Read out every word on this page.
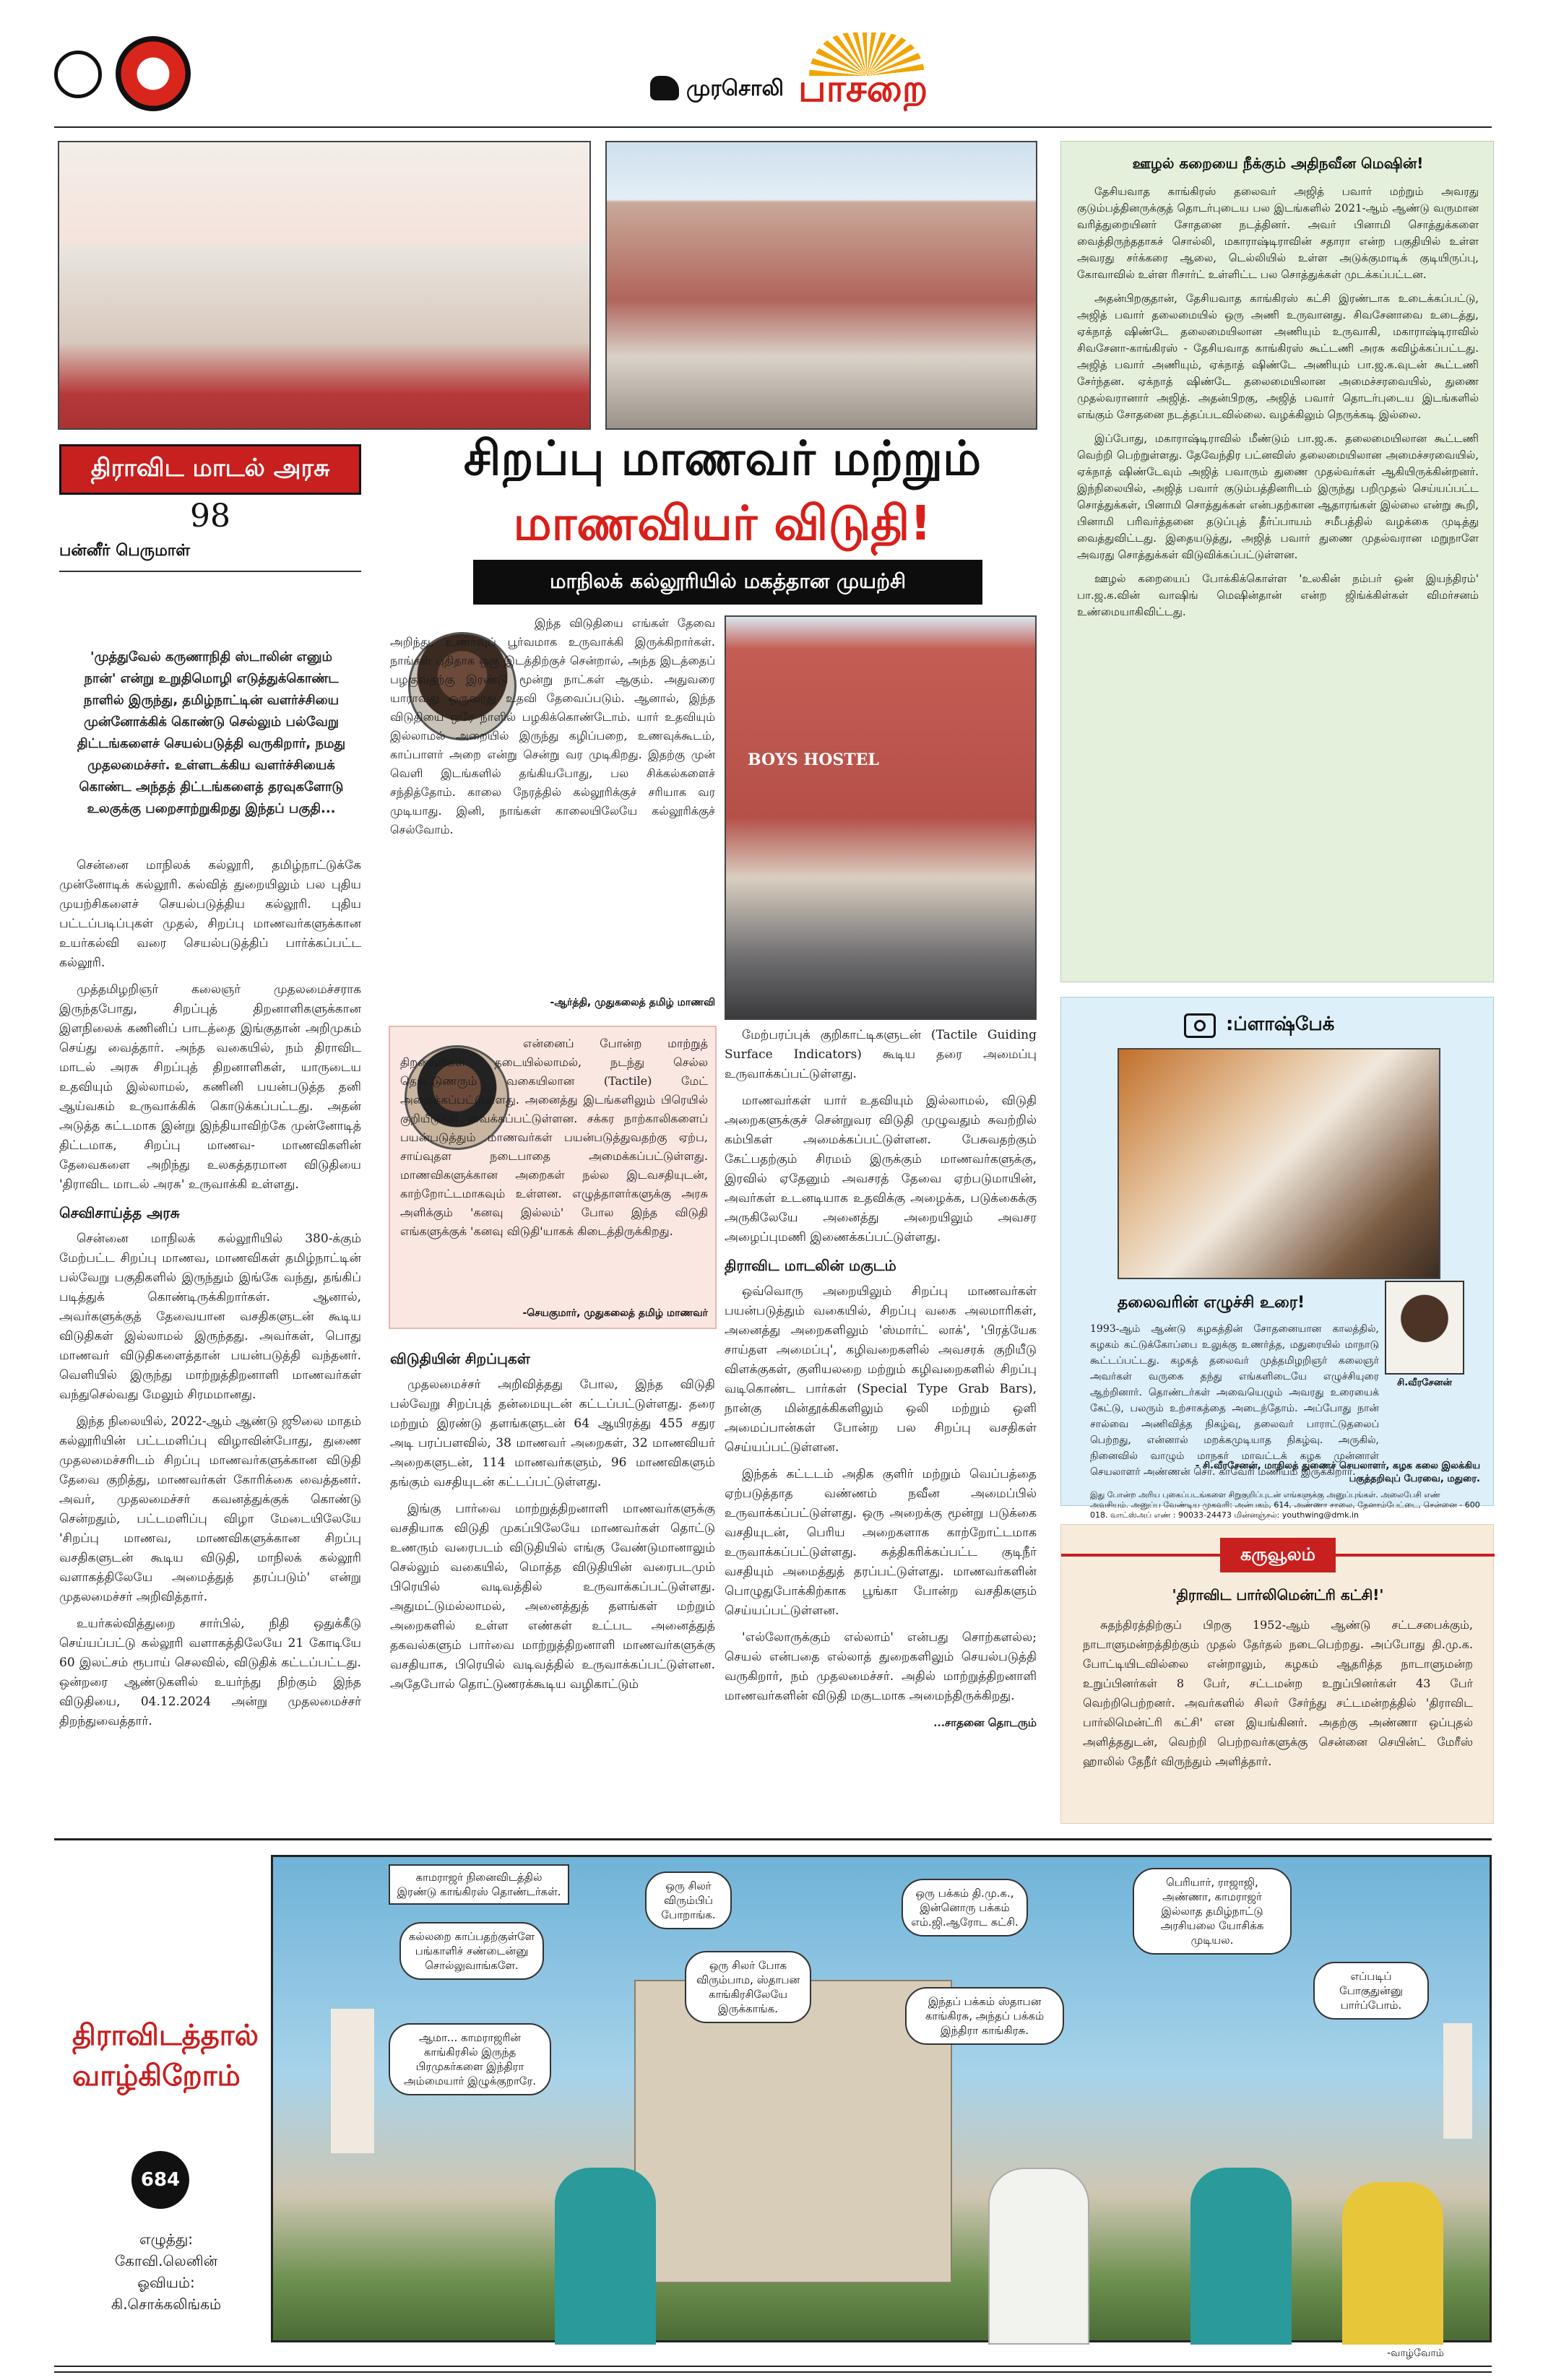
முரசொலி பாசறை
திராவிட மாடல் அரசு
98
பன்னீர் பெருமாள்
'முத்துவேல் கருணாநிதி ஸ்டாலின் எனும் நான்' என்று உறுதிமொழி எடுத்துக்கொண்ட நாளில் இருந்து, தமிழ்நாட்டின் வளர்ச்சியை முன்னோக்கிக் கொண்டு செல்லும் பல்வேறு திட்டங்களைச் செயல்படுத்தி வருகிறார், நமது முதலமைச்சர். உள்ளடக்கிய வளர்ச்சியைக் கொண்ட அந்தத் திட்டங்களைத் தரவுகளோடு உலகுக்கு பறைசாற்றுகிறது இந்தப் பகுதி...

சென்னை மாநிலக் கல்லூரி, தமிழ்நாட்டுக்கே முன்னோடிக் கல்லூரி. கல்வித் துறையிலும் பல புதிய முயற்சிகளைச் செயல்படுத்திய கல்லூரி. புதிய பட்டப்படிப்புகள் முதல், சிறப்பு மாணவர்களுக்கான உயர்கல்வி வரை செயல்படுத்திப் பார்க்கப்பட்ட கல்லூரி.

முத்தமிழறிஞர் கலைஞர் முதலமைச்சராக இருந்தபோது, சிறப்புத் திறனாளிகளுக்கான இளநிலைக் கணினிப் பாடத்தை இங்குதான் அறிமுகம் செய்து வைத்தார். அந்த வகையில், நம் திராவிட மாடல் அரசு சிறப்புத் திறனாளிகள், யாருடைய உதவியும் இல்லாமல், கணினி பயன்படுத்த தனி ஆய்வகம் உருவாக்கிக் கொடுக்கப்பட்டது. அதன் அடுத்த கட்டமாக இன்று இந்தியாவிற்கே முன்னோடித் திட்டமாக, சிறப்பு மாணவ- மாணவிகளின் தேவைகளை அறிந்து உலகத்தரமான விடுதியை 'திராவிட மாடல் அரசு' உருவாக்கி உள்ளது.

செவிசாய்த்த அரசு

சென்னை மாநிலக் கல்லூரியில் 380-க்கும் மேற்பட்ட சிறப்பு மாணவ, மாணவிகள் தமிழ்நாட்டின் பல்வேறு பகுதிகளில் இருந்தும் இங்கே வந்து, தங்கிப் படித்துக் கொண்டிருக்கிறார்கள். ஆனால், அவர்களுக்குத் தேவையான வசதிகளுடன் கூடிய விடுதிகள் இல்லாமல் இருந்தது. அவர்கள், பொது மாணவர் விடுதிகளைத்தான் பயன்படுத்தி வந்தனர். வெளியில் இருந்து மாற்றுத்திறனாளி மாணவர்கள் வந்துசெல்வது மேலும் சிரமமானது.

இந்த நிலையில், 2022-ஆம் ஆண்டு ஜூலை மாதம் கல்லூரியின் பட்டமளிப்பு விழாவின்போது, துணை முதலமைச்சரிடம் சிறப்பு மாணவர்களுக்கான விடுதி தேவை குறித்து, மாணவர்கள் கோரிக்கை வைத்தனர். அவர், முதலமைச்சர் கவனத்துக்குக் கொண்டு சென்றதும், பட்டமளிப்பு விழா மேடையிலேயே 'சிறப்பு மாணவ, மாணவிகளுக்கான சிறப்பு வசதிகளுடன் கூடிய விடுதி, மாநிலக் கல்லூரி வளாகத்திலேயே அமைத்துத் தரப்படும்' என்று முதலமைச்சர் அறிவித்தார்.

உயர்கல்வித்துறை சார்பில், நிதி ஒதுக்கீடு செய்யப்பட்டு கல்லூரி வளாகத்திலேயே 21 கோடியே 60 இலட்சம் ரூபாய் செலவில், விடுதிக் கட்டப்பட்டது. ஒன்றரை ஆண்டுகளில் உயர்ந்து நிற்கும் இந்த விடுதியை, 04.12.2024 அன்று முதலமைச்சர் திறந்துவைத்தார்.

சிறப்பு மாணவர் மற்றும்
மாணவியர் விடுதி!
மாநிலக் கல்லூரியில் மகத்தான முயற்சி
இந்த விடுதியை எங்கள் தேவை அறிந்து, உணர்வுப் பூர்வமாக உருவாக்கி இருக்கிறார்கள். நாங்கள் புதிதாக ஒரு இடத்திற்குச் சென்றால், அந்த இடத்தைப் பழகுவதற்கு இரண்டு மூன்று நாட்கள் ஆகும். அதுவரை யாராவது ஒருவரது உதவி தேவைப்படும். ஆனால், இந்த விடுதியை ஒரே நாளில் பழகிக்கொண்டோம். யார் உதவியும் இல்லாமல் அறையில் இருந்து கழிப்பறை, உணவுக்கூடம், காப்பாளர் அறை என்று சென்று வர முடிகிறது. இதற்கு முன் வெளி இடங்களில் தங்கியபோது, பல சிக்கல்களைச் சந்தித்தோம். காலை நேரத்தில் கல்லூரிக்குச் சரியாக வர முடியாது. இனி, நாங்கள் காலையிலேயே கல்லூரிக்குச் செல்வோம்.
-ஆர்த்தி, முதுகலைத் தமிழ் மாணவி
என்னைப் போன்ற மாற்றுத் திறனாளிகள் தடையில்லாமல், நடந்து செல்ல தொட்டுணரும் வகையிலான (Tactile) மேட் அமைக்கப்பட்டுள்ளது. அனைத்து இடங்களிலும் பிரெயில் குறியீடுகள் வைக்கப்பட்டுள்ளன. சக்கர நாற்காலிகளைப் பயன்படுத்தும் மாணவர்கள் பயன்படுத்துவதற்கு ஏற்ப, சாய்வுதள நடைபாதை அமைக்கப்பட்டுள்ளது. மாணவிகளுக்கான அறைகள் நல்ல இடவசதியுடன், காற்றோட்டமாகவும் உள்ளன. எழுத்தாளர்களுக்கு அரசு அளிக்கும் 'கனவு இல்லம்' போல இந்த விடுதி எங்களுக்குக் 'கனவு விடுதி'யாகக் கிடைத்திருக்கிறது.
-செயகுமார், முதுகலைத் தமிழ் மாணவர்
விடுதியின் சிறப்புகள்

முதலமைச்சர் அறிவித்தது போல, இந்த விடுதி பல்வேறு சிறப்புத் தன்மையுடன் கட்டப்பட்டுள்ளது. தரை மற்றும் இரண்டு தளங்களுடன் 64 ஆயிரத்து 455 சதுர அடி பரப்பளவில், 38 மாணவர் அறைகள், 32 மாணவியர் அறைகளுடன், 114 மாணவர்களும், 96 மாணவிகளும் தங்கும் வசதியுடன் கட்டப்பட்டுள்ளது.

இங்கு பார்வை மாற்றுத்திறனாளி மாணவர்களுக்கு வசதியாக விடுதி முகப்பிலேயே மாணவர்கள் தொட்டு உணரும் வரைபடம் விடுதியில் எங்கு வேண்டுமானாலும் செல்லும் வகையில், மொத்த விடுதியின் வரைபடமும் பிரெயில் வடிவத்தில் உருவாக்கப்பட்டுள்ளது. அதுமட்டுமல்லாமல், அனைத்துத் தளங்கள் மற்றும் அறைகளில் உள்ள எண்கள் உட்பட அனைத்துத் தகவல்களும் பார்வை மாற்றுத்திறனாளி மாணவர்களுக்கு வசதியாக, பிரெயில் வடிவத்தில் உருவாக்கப்பட்டுள்ளன. அதேபோல் தொட்டுணரக்கூடிய வழிகாட்டும்

BOYS HOSTEL

மேற்பரப்புக் குறிகாட்டிகளுடன் (Tactile Guiding Surface Indicators) கூடிய தரை அமைப்பு உருவாக்கப்பட்டுள்ளது.

மாணவர்கள் யார் உதவியும் இல்லாமல், விடுதி அறைகளுக்குச் சென்றுவர விடுதி முழுவதும் சுவற்றில் கம்பிகள் அமைக்கப்பட்டுள்ளன. பேசுவதற்கும் கேட்பதற்கும் சிரமம் இருக்கும் மாணவர்களுக்கு, இரவில் ஏதேனும் அவசரத் தேவை ஏற்படுமாயின், அவர்கள் உடனடியாக உதவிக்கு அழைக்க, படுக்கைக்கு அருகிலேயே அனைத்து அறையிலும் அவசர அழைப்புமணி இணைக்கப்பட்டுள்ளது.

திராவிட மாடலின் மகுடம்

ஒவ்வொரு அறையிலும் சிறப்பு மாணவர்கள் பயன்படுத்தும் வகையில், சிறப்பு வகை அலமாரிகள், அனைத்து அறைகளிலும் 'ஸ்மார்ட் லாக்', 'பிரத்யேக சாய்தள அமைப்பு', கழிவறைகளில் அவசரக் குறியீடு விளக்குகள், குளியலறை மற்றும் கழிவறைகளில் சிறப்பு வடிகொண்ட பார்கள் (Special Type Grab Bars), நான்கு மின்தூக்கிகளிலும் ஒலி மற்றும் ஒளி அமைப்பான்கள் போன்ற பல சிறப்பு வசதிகள் செய்யப்பட்டுள்ளன.

இந்தக் கட்டடம் அதிக குளிர் மற்றும் வெப்பத்தை ஏற்படுத்தாத வண்ணம் நவீன அமைப்பில் உருவாக்கப்பட்டுள்ளது. ஒரு அறைக்கு மூன்று படுக்கை வசதியுடன், பெரிய அறைகளாக காற்றோட்டமாக உருவாக்கப்பட்டுள்ளது. சுத்திகரிக்கப்பட்ட குடிநீர் வசதியும் அமைத்துத் தரப்பட்டுள்ளது. மாணவர்களின் பொழுதுபோக்கிற்காக பூங்கா போன்ற வசதிகளும் செய்யப்பட்டுள்ளன.

'எல்லோருக்கும் எல்லாம்' என்பது சொற்களல்ல; செயல் என்பதை எல்லாத் துறைகளிலும் செயல்படுத்தி வருகிறார், நம் முதலமைச்சர். அதில் மாற்றுத்திறனாளி மாணவர்களின் விடுதி மகுடமாக அமைந்திருக்கிறது.

...சாதனை தொடரும்
ஊழல் கறையை நீக்கும் அதிநவீன மெஷின்!

தேசியவாத காங்கிரஸ் தலைவர் அஜித் பவார் மற்றும் அவரது குடும்பத்தினருக்குத் தொடர்புடைய பல இடங்களில் 2021-ஆம் ஆண்டு வருமான வரித்துறையினர் சோதனை நடத்தினர். அவர் பினாமி சொத்துக்களை வைத்திருந்ததாகச் சொல்லி, மகாராஷ்டிராவின் சதாரா என்ற பகுதியில் உள்ள அவரது சர்க்கரை ஆலை, டெல்லியில் உள்ள அடுக்குமாடிக் குடியிருப்பு, கோவாவில் உள்ள ரிசார்ட் உள்ளிட்ட பல சொத்துக்கள் முடக்கப்பட்டன.

அதன்பிறகுதான், தேசியவாத காங்கிரஸ் கட்சி இரண்டாக உடைக்கப்பட்டு, அஜித் பவார் தலைமையில் ஒரு அணி உருவானது. சிவசேனாவை உடைத்து, ஏக்நாத் ஷிண்டே தலைமையிலான அணியும் உருவாகி, மகாராஷ்டிராவில் சிவசேனா-காங்கிரஸ் - தேசியவாத காங்கிரஸ் கூட்டணி அரசு கவிழ்க்கப்பட்டது. அஜித் பவார் அணியும், ஏக்நாத் ஷிண்டே அணியும் பா.ஜ.க.வுடன் கூட்டணி சேர்ந்தன. ஏக்நாத் ஷிண்டே தலைமையிலான அமைச்சரவையில், துணை முதல்வரானார் அஜித். அதன்பிறகு, அஜித் பவார் தொடர்புடைய இடங்களில் எங்கும் சோதனை நடத்தப்படவில்லை. வழக்கிலும் நெருக்கடி இல்லை.

இப்போது, மகாராஷ்டிராவில் மீண்டும் பா.ஜ.க. தலைமையிலான கூட்டணி வெற்றி பெற்றுள்ளது. தேவேந்திர பட்னவிஸ் தலைமையிலான அமைச்சரவையில், ஏக்நாத் ஷிண்டேவும் அஜித் பவாரும் துணை முதல்வர்கள் ஆகியிருக்கின்றனர். இந்நிலையில், அஜித் பவார் குடும்பத்தினரிடம் இருந்து பறிமுதல் செய்யப்பட்ட சொத்துக்கள், பினாமி சொத்துக்கள் என்பதற்கான ஆதாரங்கள் இல்லை என்று கூறி, பினாமி பரிவர்த்தனை தடுப்புத் தீர்ப்பாயம் சமீபத்தில் வழக்கை முடித்து வைத்துவிட்டது. இதையடுத்து, அஜித் பவார் துணை முதல்வரான மறுநாளே அவரது சொத்துக்கள் விடுவிக்கப்பட்டுள்ளன.

ஊழல் கறையைப் போக்கிக்கொள்ள 'உலகின் நம்பர் ஒன் இயந்திரம்' பா.ஜ.க.வின் வாஷிங் மெஷின்தான் என்ற ஜிங்க்கிள்கள் விமர்சனம் உண்மையாகிவிட்டது.

:ப்ளாஷ்பேக்
தலைவரின் எழுச்சி உரை!
சி.வீரசேனன்
1993-ஆம் ஆண்டு கழகத்தின் சோதனையான காலத்தில், கழகம் கட்டுக்கோப்பை உலுக்கு உணர்த்த, மதுரையில் மாநாடு கூட்டப்பட்டது. கழகத் தலைவர் முத்தமிழறிஞர் கலைஞர் அவர்கள் வருகை தந்து எங்களிடையே எழுச்சியுரை ஆற்றினார். தொண்டர்கள் அவையெழும் அவரது உரையைக் கேட்டு, பலரும் உற்சாகத்தை அடைந்தோம். அப்போது நான் சால்வை அணிவித்த நிகழ்வு, தலைவர் பாராட்டுதலைப் பெற்றது, என்னால் மறக்கமுடியாத நிகழ்வு. அருகில், நினைவில் வாழும் மாநகர் மாவட்டக் கழக முன்னாள் செயலாளர் அண்ணன் சொ. காவேரி மணியம் இருக்கிறார்.
- சி.வீரசேனன், மாநிலத் துணைச் செயலாளர், கழக கலை இலக்கிய பகுத்தறிவுப் பேரவை, மதுரை.
இது போன்ற அரிய புகைப்படங்களை சிறுகுறிப்புடன் எங்களுக்கு அனுப்புங்கள். அலைபேசி எண் அவசியம். அனுப்ப வேண்டிய முகவரி: அன்பகம், 614, அண்ணா சாலை, தேனாம்பேட்டை, சென்னை - 600 018. வாட்ஸ்அப் எண் : 90033-24473 மின்னஞ்சல்: youthwing@dmk.in
கருவூலம்
'திராவிட பார்லிமென்ட்ரி கட்சி!'
சுதந்திரத்திற்குப் பிறகு 1952-ஆம் ஆண்டு சட்டசபைக்கும், நாடாளுமன்றத்திற்கும் முதல் தேர்தல் நடைபெற்றது. அப்போது தி.மு.க. போட்டியிடவில்லை என்றாலும், கழகம் ஆதரித்த நாடாளுமன்ற உறுப்பினர்கள் 8 பேர், சட்டமன்ற உறுப்பினர்கள் 43 பேர் வெற்றிபெற்றனர். அவர்களில் சிலர் சேர்ந்து சட்டமன்றத்தில் 'திராவிட பார்லிமென்ட்ரி கட்சி' என இயங்கினர். அதற்கு அண்ணா ஒப்புதல் அளித்ததுடன், வெற்றி பெற்றவர்களுக்கு சென்னை செயின்ட் மேரீஸ் ஹாலில் தேநீர் விருந்தும் அளித்தார்.
திராவிடத்தால் வாழ்கிறோம்
684
எழுத்து:
கோவி.லெனின்
ஓவியம்:
கி.சொக்கலிங்கம்
காமராஜர் நினைவிடத்தில் இரண்டு காங்கிரஸ் தொண்டர்கள்.
கல்லறை காப்பதற்குள்ளே பங்காளிச் சண்டைன்னு சொல்லுவாங்களே.
ஆமா... காமராஜரின் காங்கிரசில் இருந்த பிரமுகர்களை இந்திரா அம்மையார் இழுக்குறாரே.
ஒரு சிலர் விரும்பிப் போறாங்க.
ஒரு சிலர் போக விரும்பாம, ஸ்தாபன காங்கிரசிலேயே இருக்காங்க.
ஒரு பக்கம் தி.மு.க., இன்னொரு பக்கம் எம்.ஜி.ஆரோட கட்சி.
இந்தப் பக்கம் ஸ்தாபன காங்கிரசு, அந்தப் பக்கம் இந்திரா காங்கிரசு.
பெரியார், ராஜாஜி, அண்ணா, காமராஜர் இல்லாத தமிழ்நாட்டு அரசியலை யோசிக்க முடியல.
எப்படிப் போகுதுன்னு பார்ப்போம்.
-வாழ்வோம்
